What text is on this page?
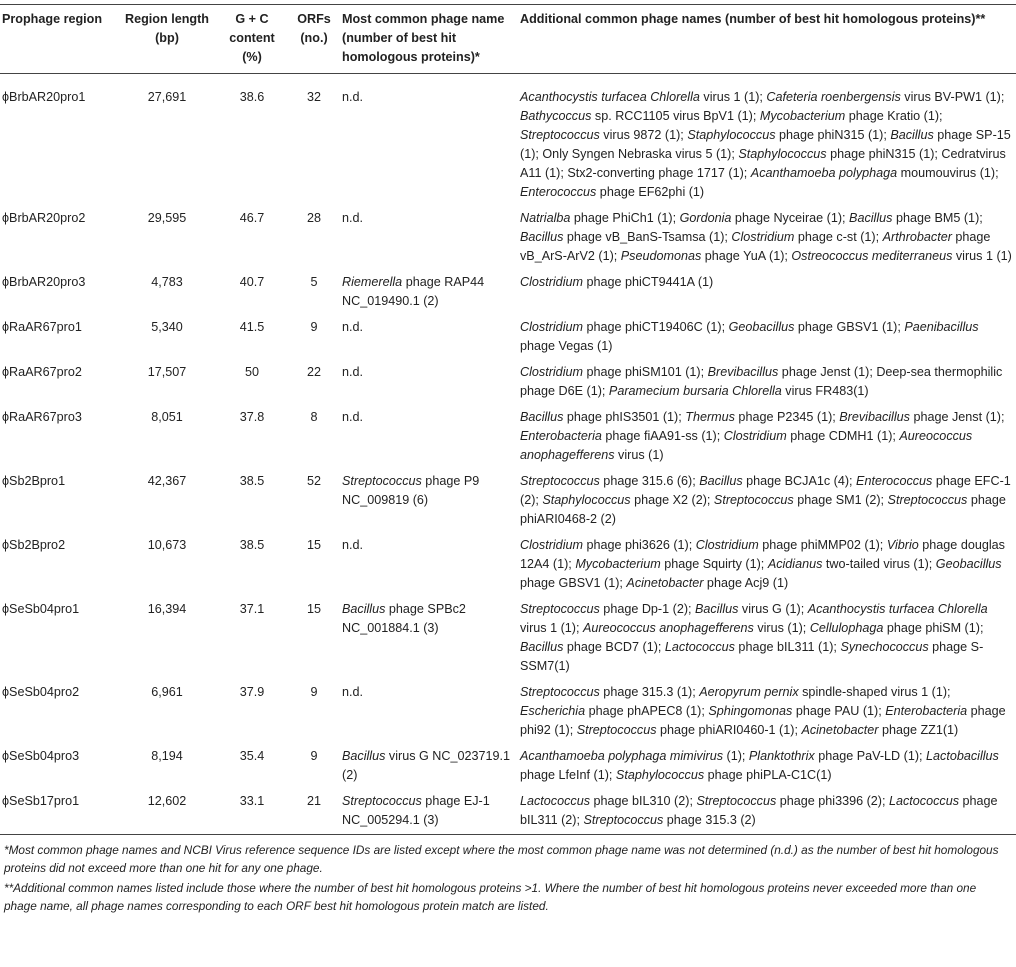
Prophage region	Region length (bp)	G + C content (%)	ORFs (no.)	Most common phage name (number of best hit homologous proteins)*	Additional common phage names (number of best hit homologous proteins)**
ϕBrbAR20pro1	27,691	38.6	32	n.d.	Acanthocystis turfacea Chlorella virus 1 (1); Cafeteria roenbergensis virus BV-PW1 (1); Bathycoccus sp. RCC1105 virus BpV1 (1); Mycobacterium phage Kratio (1); Streptococcus virus 9872 (1); Staphylococcus phage phiN315 (1); Bacillus phage SP-15 (1); Only Syngen Nebraska virus 5 (1); Staphylococcus phage phiN315 (1); Cedratvirus A11 (1); Stx2-converting phage 1717 (1); Acanthamoeba polyphaga moumouvirus (1); Enterococcus phage EF62phi (1)
ϕBrbAR20pro2	29,595	46.7	28	n.d.	Natrialba phage PhiCh1 (1); Gordonia phage Nyceirae (1); Bacillus phage BM5 (1); Bacillus phage vB_BanS-Tsamsa (1); Clostridium phage c-st (1); Arthrobacter phage vB_ArS-ArV2 (1); Pseudomonas phage YuA (1); Ostreococcus mediterraneus virus 1 (1)
ϕBrbAR20pro3	4,783	40.7	5	Riemerella phage RAP44 NC_019490.1 (2)	Clostridium phage phiCT9441A (1)
ϕRaAR67pro1	5,340	41.5	9	n.d.	Clostridium phage phiCT19406C (1); Geobacillus phage GBSV1 (1); Paenibacillus phage Vegas (1)
ϕRaAR67pro2	17,507	50	22	n.d.	Clostridium phage phiSM101 (1); Brevibacillus phage Jenst (1); Deep-sea thermophilic phage D6E (1); Paramecium bursaria Chlorella virus FR483(1)
ϕRaAR67pro3	8,051	37.8	8	n.d.	Bacillus phage phIS3501 (1); Thermus phage P2345 (1); Brevibacillus phage Jenst (1); Enterobacteria phage fiAA91-ss (1); Clostridium phage CDMH1 (1); Aureococcus anophagefferens virus (1)
ϕSb2Bpro1	42,367	38.5	52	Streptococcus phage P9 NC_009819 (6)	Streptococcus phage 315.6 (6); Bacillus phage BCJA1c (4); Enterococcus phage EFC-1 (2); Staphylococcus phage X2 (2); Streptococcus phage SM1 (2); Streptococcus phage phiARI0468-2 (2)
ϕSb2Bpro2	10,673	38.5	15	n.d.	Clostridium phage phi3626 (1); Clostridium phage phiMMP02 (1); Vibrio phage douglas 12A4 (1); Mycobacterium phage Squirty (1); Acidianus two-tailed virus (1); Geobacillus phage GBSV1 (1); Acinetobacter phage Acj9 (1)
ϕSeSb04pro1	16,394	37.1	15	Bacillus phage SPBc2 NC_001884.1 (3)	Streptococcus phage Dp-1 (2); Bacillus virus G (1); Acanthocystis turfacea Chlorella virus 1 (1); Aureococcus anophagefferens virus (1); Cellulophaga phage phiSM (1); Bacillus phage BCD7 (1); Lactococcus phage bIL311 (1); Synechococcus phage S-SSM7(1)
ϕSeSb04pro2	6,961	37.9	9	n.d.	Streptococcus phage 315.3 (1); Aeropyrum pernix spindle-shaped virus 1 (1); Escherichia phage phAPEC8 (1); Sphingomonas phage PAU (1); Enterobacteria phage phi92 (1); Streptococcus phage phiARI0460-1 (1); Acinetobacter phage ZZ1(1)
ϕSeSb04pro3	8,194	35.4	9	Bacillus virus G NC_023719.1 (2)	Acanthamoeba polyphaga mimivirus (1); Planktothrix phage PaV-LD (1); Lactobacillus phage LfeInf (1); Staphylococcus phage phiPLA-C1C(1)
ϕSeSb17pro1	12,602	33.1	21	Streptococcus phage EJ-1 NC_005294.1 (3)	Lactococcus phage bIL310 (2); Streptococcus phage phi3396 (2); Lactococcus phage bIL311 (2); Streptococcus phage 315.3 (2)

*Most common phage names and NCBI Virus reference sequence IDs are listed except where the most common phage name was not determined (n.d.) as the number of best hit homologous proteins did not exceed more than one hit for any one phage.

**Additional common names listed include those where the number of best hit homologous proteins >1. Where the number of best hit homologous proteins never exceeded more than one phage name, all phage names corresponding to each ORF best hit homologous protein match are listed.
